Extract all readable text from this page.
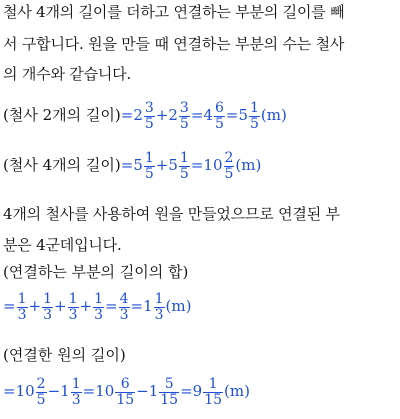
철사 4개의 길이를 더하고 연결하는 부분의 길이를 빼
서 구합니다. 원을 만들 때 연결하는 부분의 수는 철사
의 개수와 같습니다.
(철사 2개의 길이)$=2 \frac{3}{5} +2 \frac{3}{5} =4 \frac{6}{5} =5 \frac{1}{5} (m)$
(철사 4개의 길이)$=5 \frac{1}{5} +5 \frac{1}{5} =10 \frac{2}{5} (m)$
4개의 철사를 사용하여 원을 만들었으므로 연결된 부
분은 4군데입니다.
(연결하는 부분의 길이의 합)
= $\frac{1}{3} + \frac{1}{3} + \frac{1}{3} + \frac{1}{3} = \frac{4}{3} =1 \frac{1}{3} (m)$
(연결한 원의 길이)
$=10 \frac{2}{5} -1 \frac{1}{3} =10 \frac{6}{15} -1 \frac{5}{15} =9 \frac{1}{15} (m)$
